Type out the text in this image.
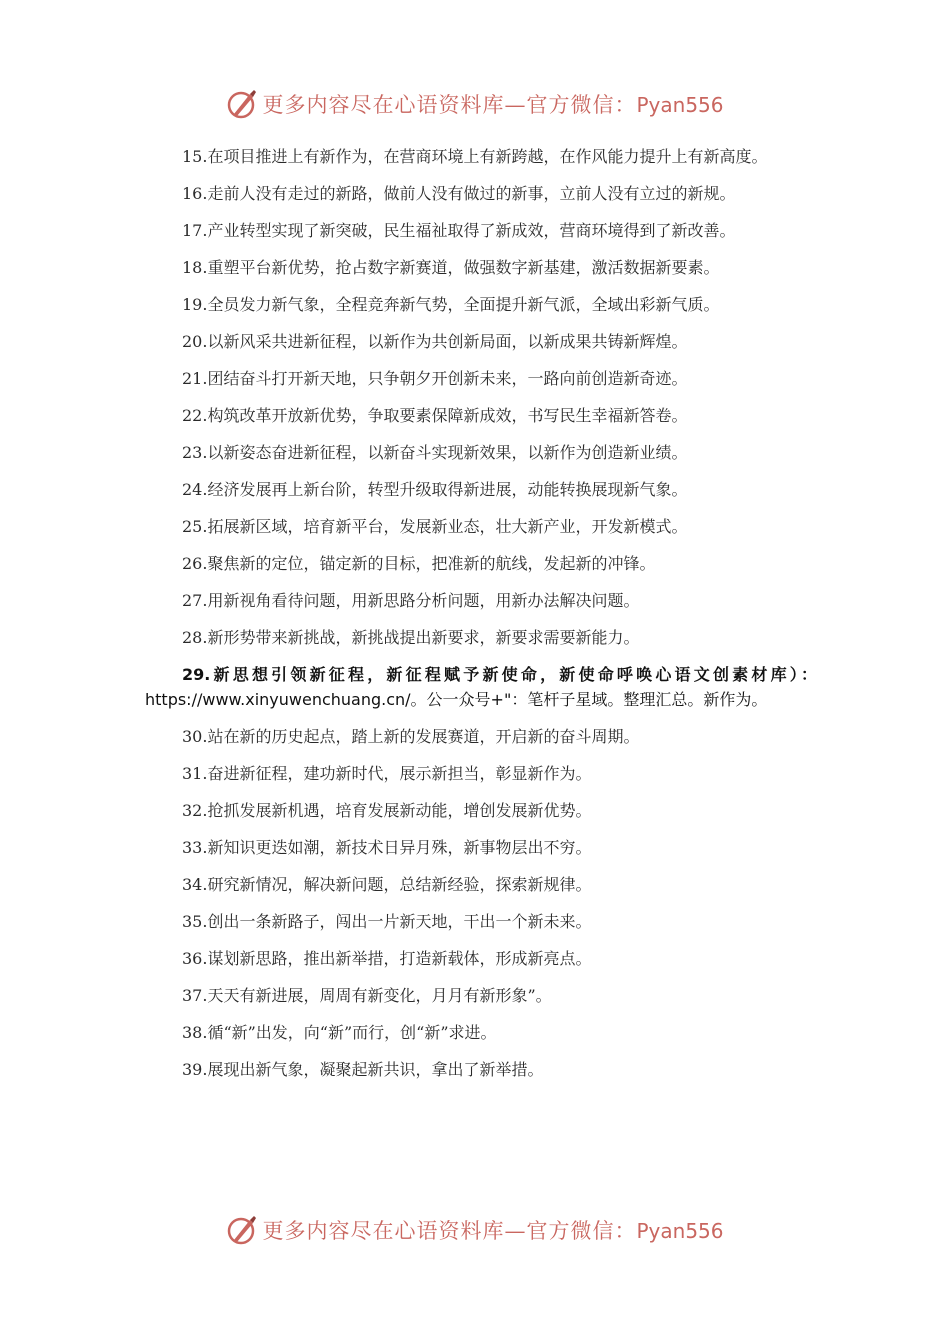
更多内容尽在心语资料库—官方微信：Pyan556

15.在项目推进上有新作为，在营商环境上有新跨越，在作风能力提升上有新高度。

16.走前人没有走过的新路，做前人没有做过的新事，立前人没有立过的新规。

17.产业转型实现了新突破，民生福祉取得了新成效，营商环境得到了新改善。

18.重塑平台新优势，抢占数字新赛道，做强数字新基建，激活数据新要素。

19.全员发力新气象，全程竞奔新气势，全面提升新气派，全域出彩新气质。

20.以新风采共进新征程，以新作为共创新局面，以新成果共铸新辉煌。

21.团结奋斗打开新天地，只争朝夕开创新未来，一路向前创造新奇迹。

22.构筑改革开放新优势，争取要素保障新成效，书写民生幸福新答卷。

23.以新姿态奋进新征程，以新奋斗实现新效果，以新作为创造新业绩。

24.经济发展再上新台阶，转型升级取得新进展，动能转换展现新气象。

25.拓展新区域，培育新平台，发展新业态，壮大新产业，开发新模式。

26.聚焦新的定位，锚定新的目标，把准新的航线，发起新的冲锋。

27.用新视角看待问题，用新思路分析问题，用新办法解决问题。

28.新形势带来新挑战，新挑战提出新要求，新要求需要新能力。

29.新思想引领新征程，新征程赋予新使命，新使命呼唤心语文创素材库）：https://www.xinyuwenchuang.cn/。公一众号+"：笔杆子星域。整理汇总。新作为。

30.站在新的历史起点，踏上新的发展赛道，开启新的奋斗周期。

31.奋进新征程，建功新时代，展示新担当，彰显新作为。

32.抢抓发展新机遇，培育发展新动能，增创发展新优势。

33.新知识更迭如潮，新技术日异月殊，新事物层出不穷。

34.研究新情况，解决新问题，总结新经验，探索新规律。

35.创出一条新路子，闯出一片新天地，干出一个新未来。

36.谋划新思路，推出新举措，打造新载体，形成新亮点。

37.天天有新进展，周周有新变化，月月有新形象”。

38.循“新”出发，向“新”而行，创“新”求进。

39.展现出新气象，凝聚起新共识，拿出了新举措。

更多内容尽在心语资料库—官方微信：Pyan556
